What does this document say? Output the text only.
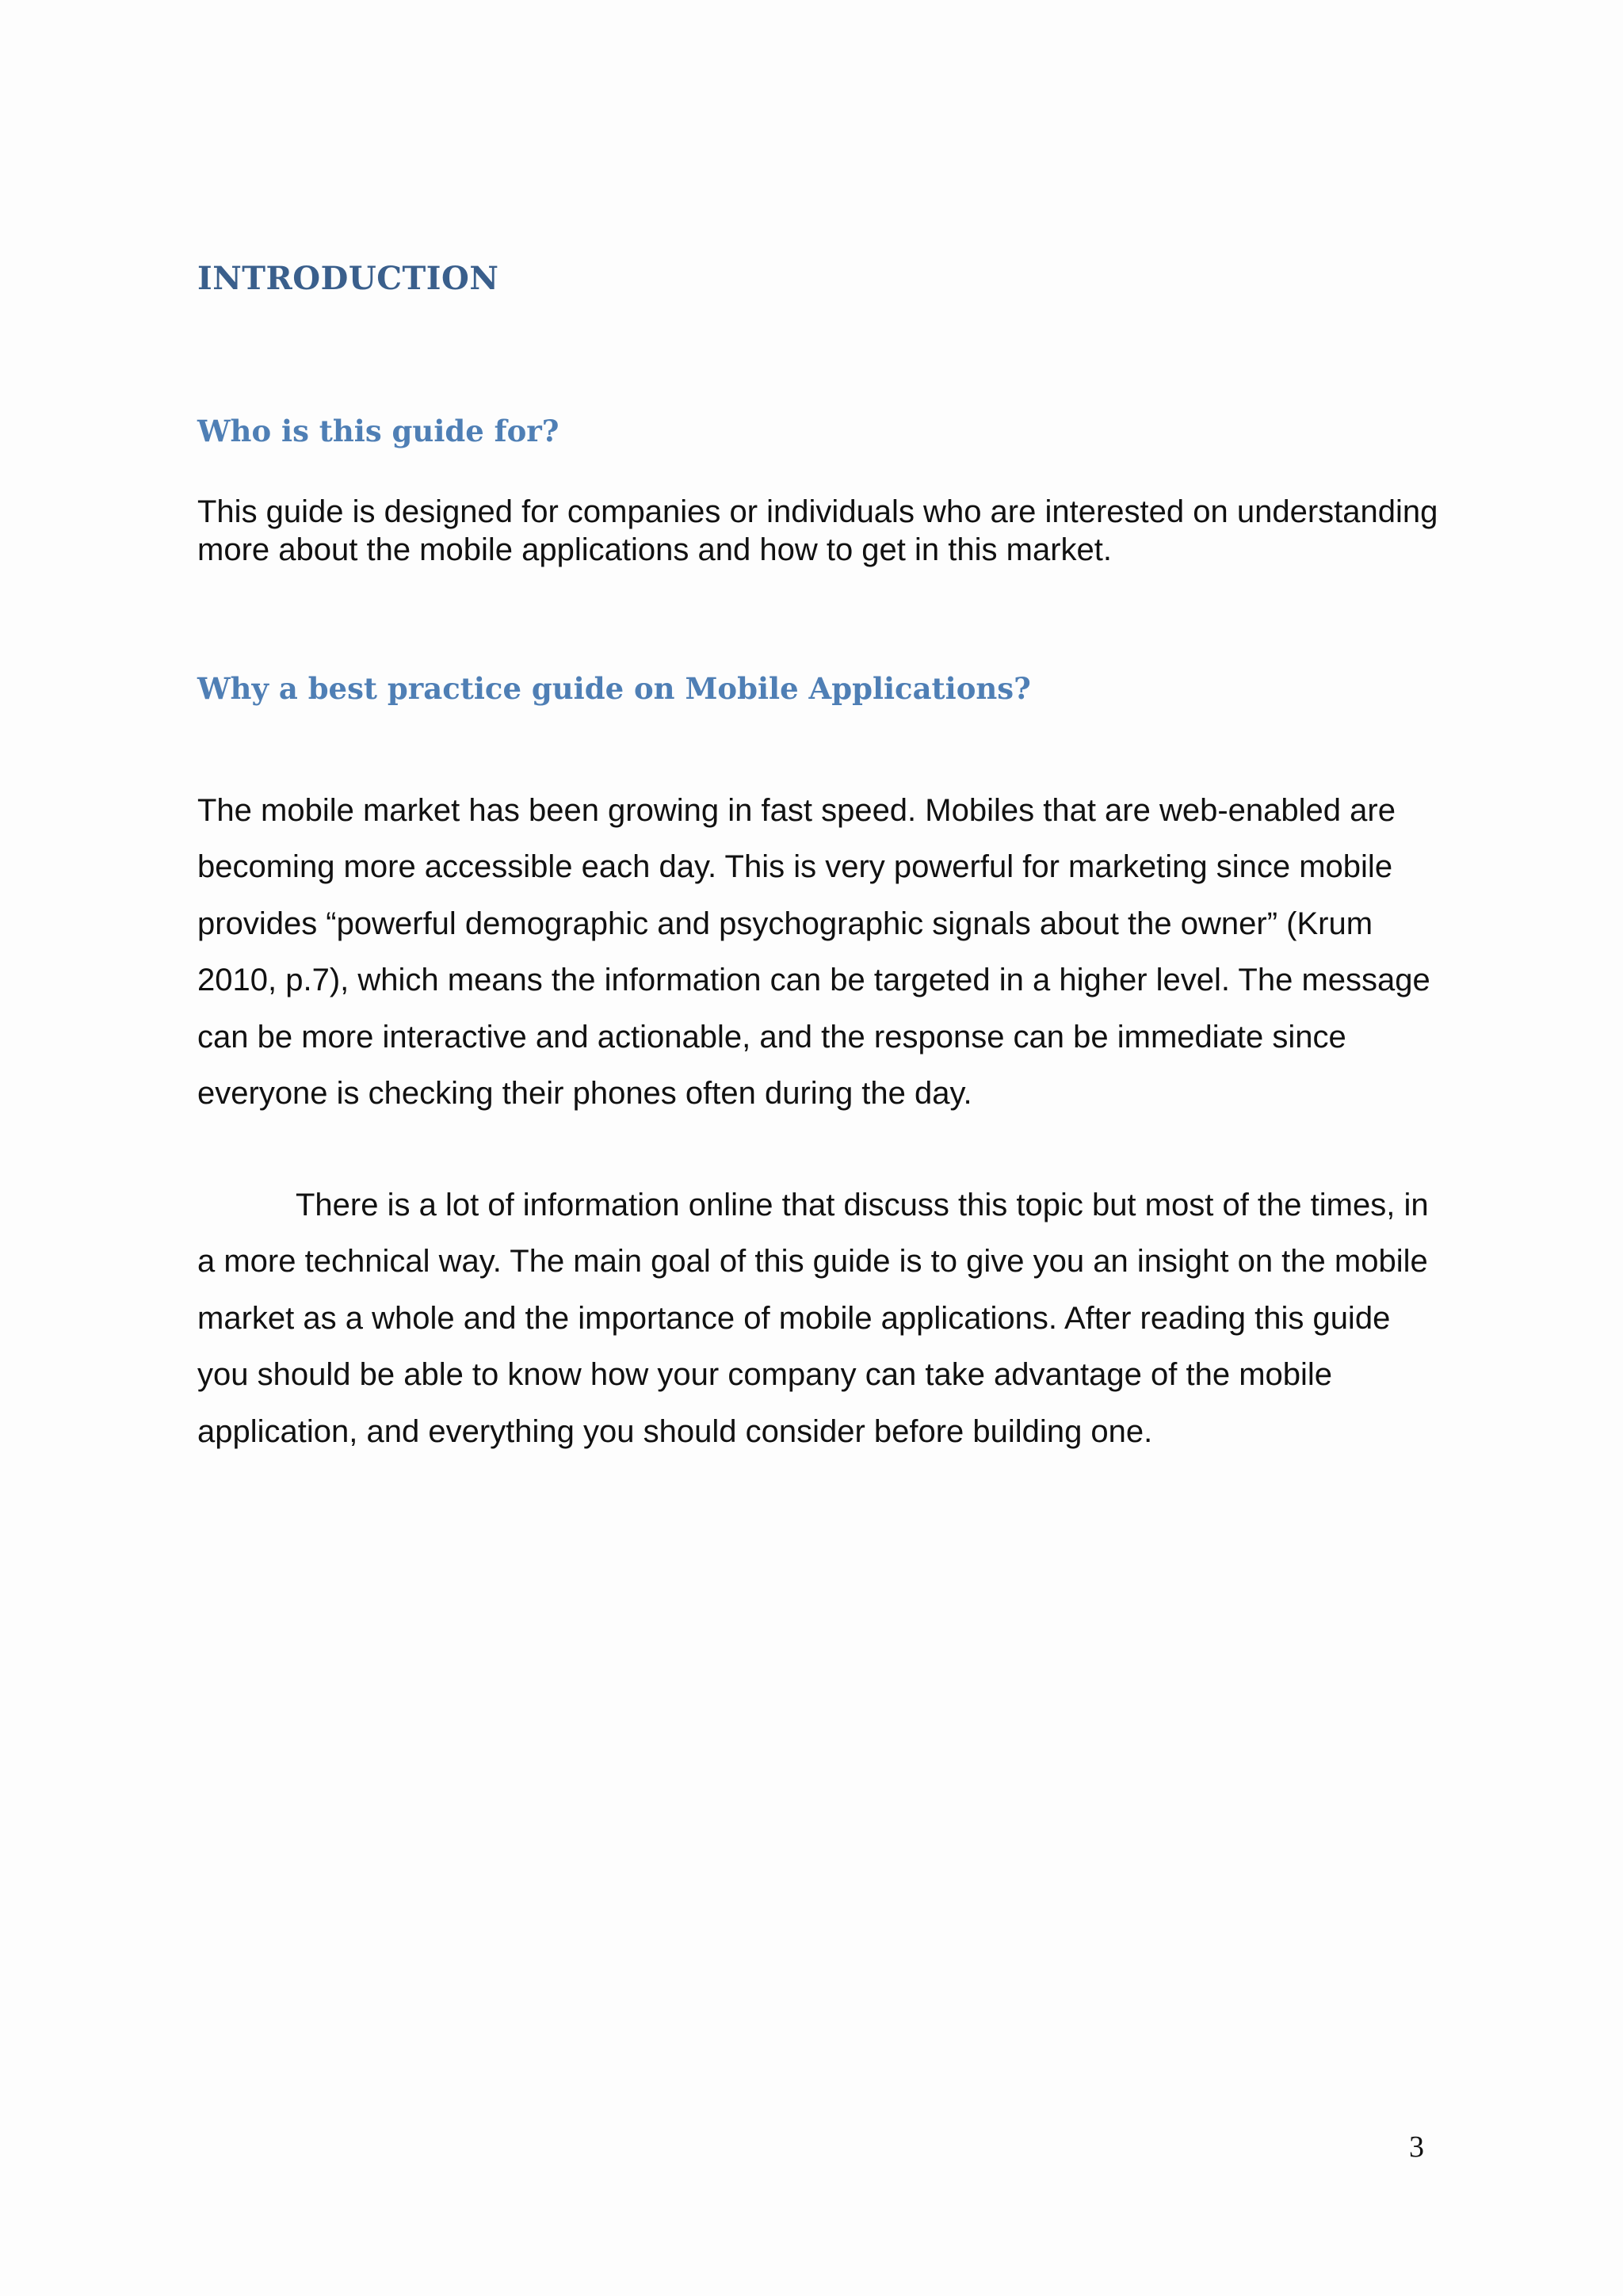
INTRODUCTION
Who is this guide for?

This guide is designed for companies or individuals who are interested on understanding more about the mobile applications and how to get in this market.

Why a best practice guide on Mobile Applications?

The mobile market has been growing in fast speed. Mobiles that are web-enabled are becoming more accessible each day. This is very powerful for marketing since mobile provides “powerful demographic and psychographic signals about the owner” (Krum 2010, p.7), which means the information can be targeted in a higher level. The message can be more interactive and actionable, and the response can be immediate since everyone is checking their phones often during the day.

There is a lot of information online that discuss this topic but most of the times, in a more technical way. The main goal of this guide is to give you an insight on the mobile market as a whole and the importance of mobile applications. After reading this guide you should be able to know how your company can take advantage of the mobile application, and everything you should consider before building one.

3
